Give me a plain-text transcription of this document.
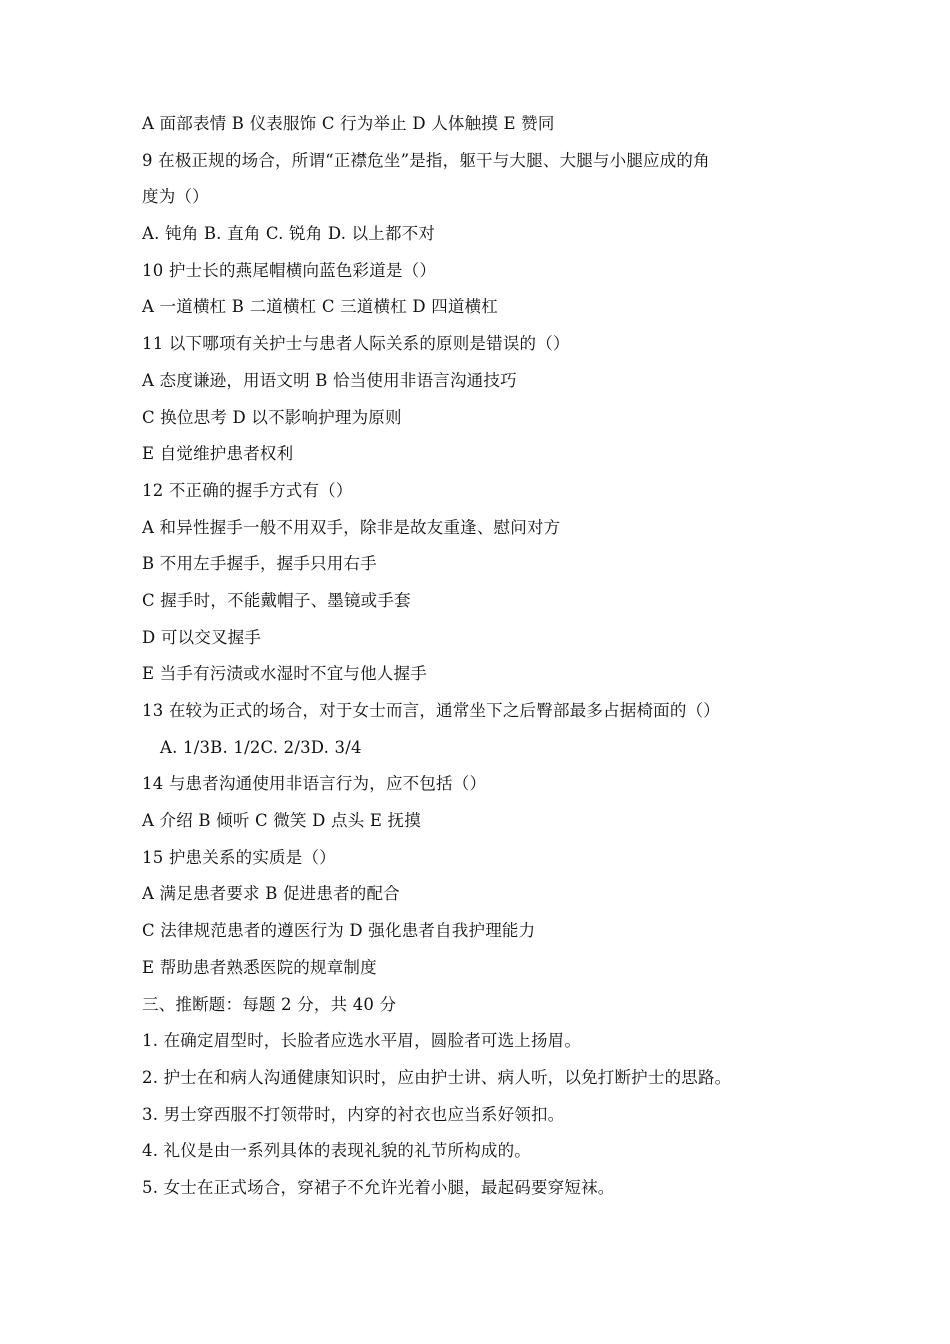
A 面部表情 B 仪表服饰 C 行为举止 D 人体触摸 E 赞同
9 在极正规的场合，所谓“正襟危坐”是指，躯干与大腿、大腿与小腿应成的角
度为（）
A. 钝角 B. 直角 C. 锐角 D. 以上都不对
10 护士长的燕尾帽横向蓝色彩道是（）
A 一道横杠 B 二道横杠 C 三道横杠 D 四道横杠
11 以下哪项有关护士与患者人际关系的原则是错误的（）
A 态度谦逊，用语文明 B 恰当使用非语言沟通技巧
C 换位思考 D 以不影响护理为原则
E 自觉维护患者权利
12 不正确的握手方式有（）
A 和异性握手一般不用双手，除非是故友重逢、慰问对方
B 不用左手握手，握手只用右手
C 握手时，不能戴帽子、墨镜或手套
D 可以交叉握手
E 当手有污渍或水湿时不宜与他人握手
13 在较为正式的场合，对于女士而言，通常坐下之后臀部最多占据椅面的（）
A. 1/3B. 1/2C. 2/3D. 3/4
14 与患者沟通使用非语言行为，应不包括（）
A 介绍 B 倾听 C 微笑 D 点头 E 抚摸
15 护患关系的实质是（）
A 满足患者要求 B 促进患者的配合
C 法律规范患者的遵医行为 D 强化患者自我护理能力
E 帮助患者熟悉医院的规章制度
三、推断题：每题 2 分，共 40 分
1. 在确定眉型时，长脸者应选水平眉，圆脸者可选上扬眉。
2. 护士在和病人沟通健康知识时，应由护士讲、病人听，以免打断护士的思路。
3. 男士穿西服不打领带时，内穿的衬衣也应当系好领扣。
4. 礼仪是由一系列具体的表现礼貌的礼节所构成的。
5. 女士在正式场合，穿裙子不允许光着小腿，最起码要穿短袜。
